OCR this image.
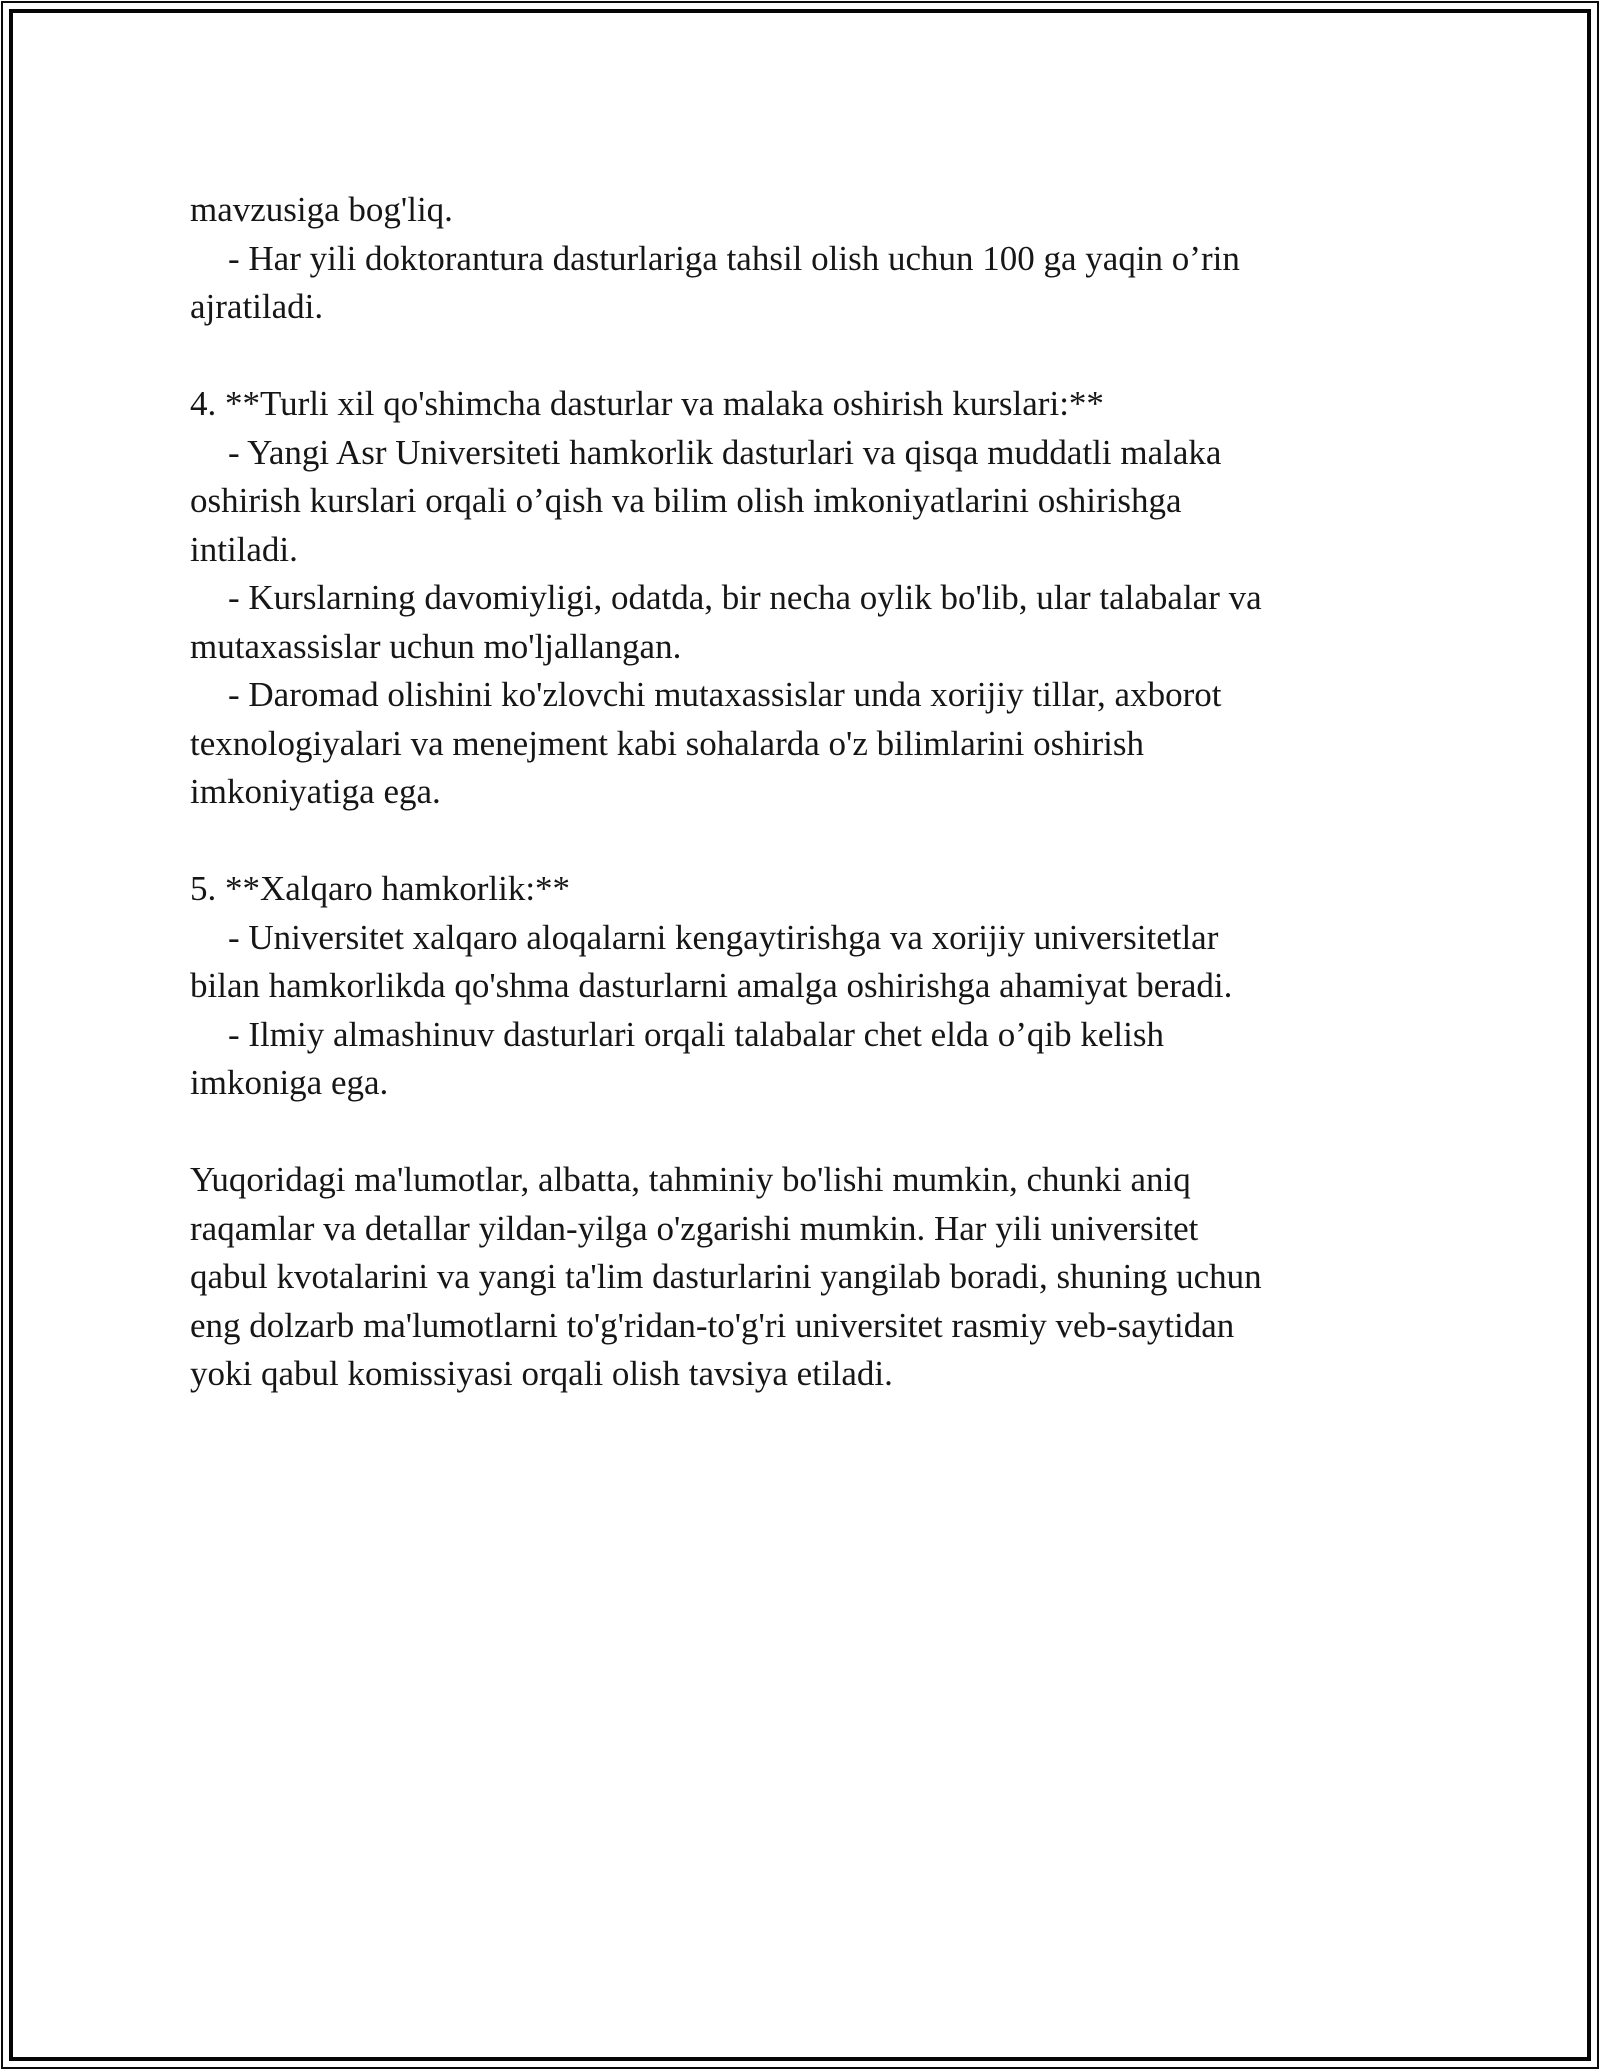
mavzusiga bog'liq.
- Har yili doktorantura dasturlariga tahsil olish uchun 100 ga yaqin o’rin
ajratiladi.
4. **Turli xil qo'shimcha dasturlar va malaka oshirish kurslari:**
- Yangi Asr Universiteti hamkorlik dasturlari va qisqa muddatli malaka
oshirish kurslari orqali o’qish va bilim olish imkoniyatlarini oshirishga
intiladi.
- Kurslarning davomiyligi, odatda, bir necha oylik bo'lib, ular talabalar va
mutaxassislar uchun mo'ljallangan.
- Daromad olishini ko'zlovchi mutaxassislar unda xorijiy tillar, axborot
texnologiyalari va menejment kabi sohalarda o'z bilimlarini oshirish
imkoniyatiga ega.
5. **Xalqaro hamkorlik:**
- Universitet xalqaro aloqalarni kengaytirishga va xorijiy universitetlar
bilan hamkorlikda qo'shma dasturlarni amalga oshirishga ahamiyat beradi.
- Ilmiy almashinuv dasturlari orqali talabalar chet elda o’qib kelish
imkoniga ega.
Yuqoridagi ma'lumotlar, albatta, tahminiy bo'lishi mumkin, chunki aniq
raqamlar va detallar yildan-yilga o'zgarishi mumkin. Har yili universitet
qabul kvotalarini va yangi ta'lim dasturlarini yangilab boradi, shuning uchun
eng dolzarb ma'lumotlarni to'g'ridan-to'g'ri universitet rasmiy veb-saytidan
yoki qabul komissiyasi orqali olish tavsiya etiladi.
